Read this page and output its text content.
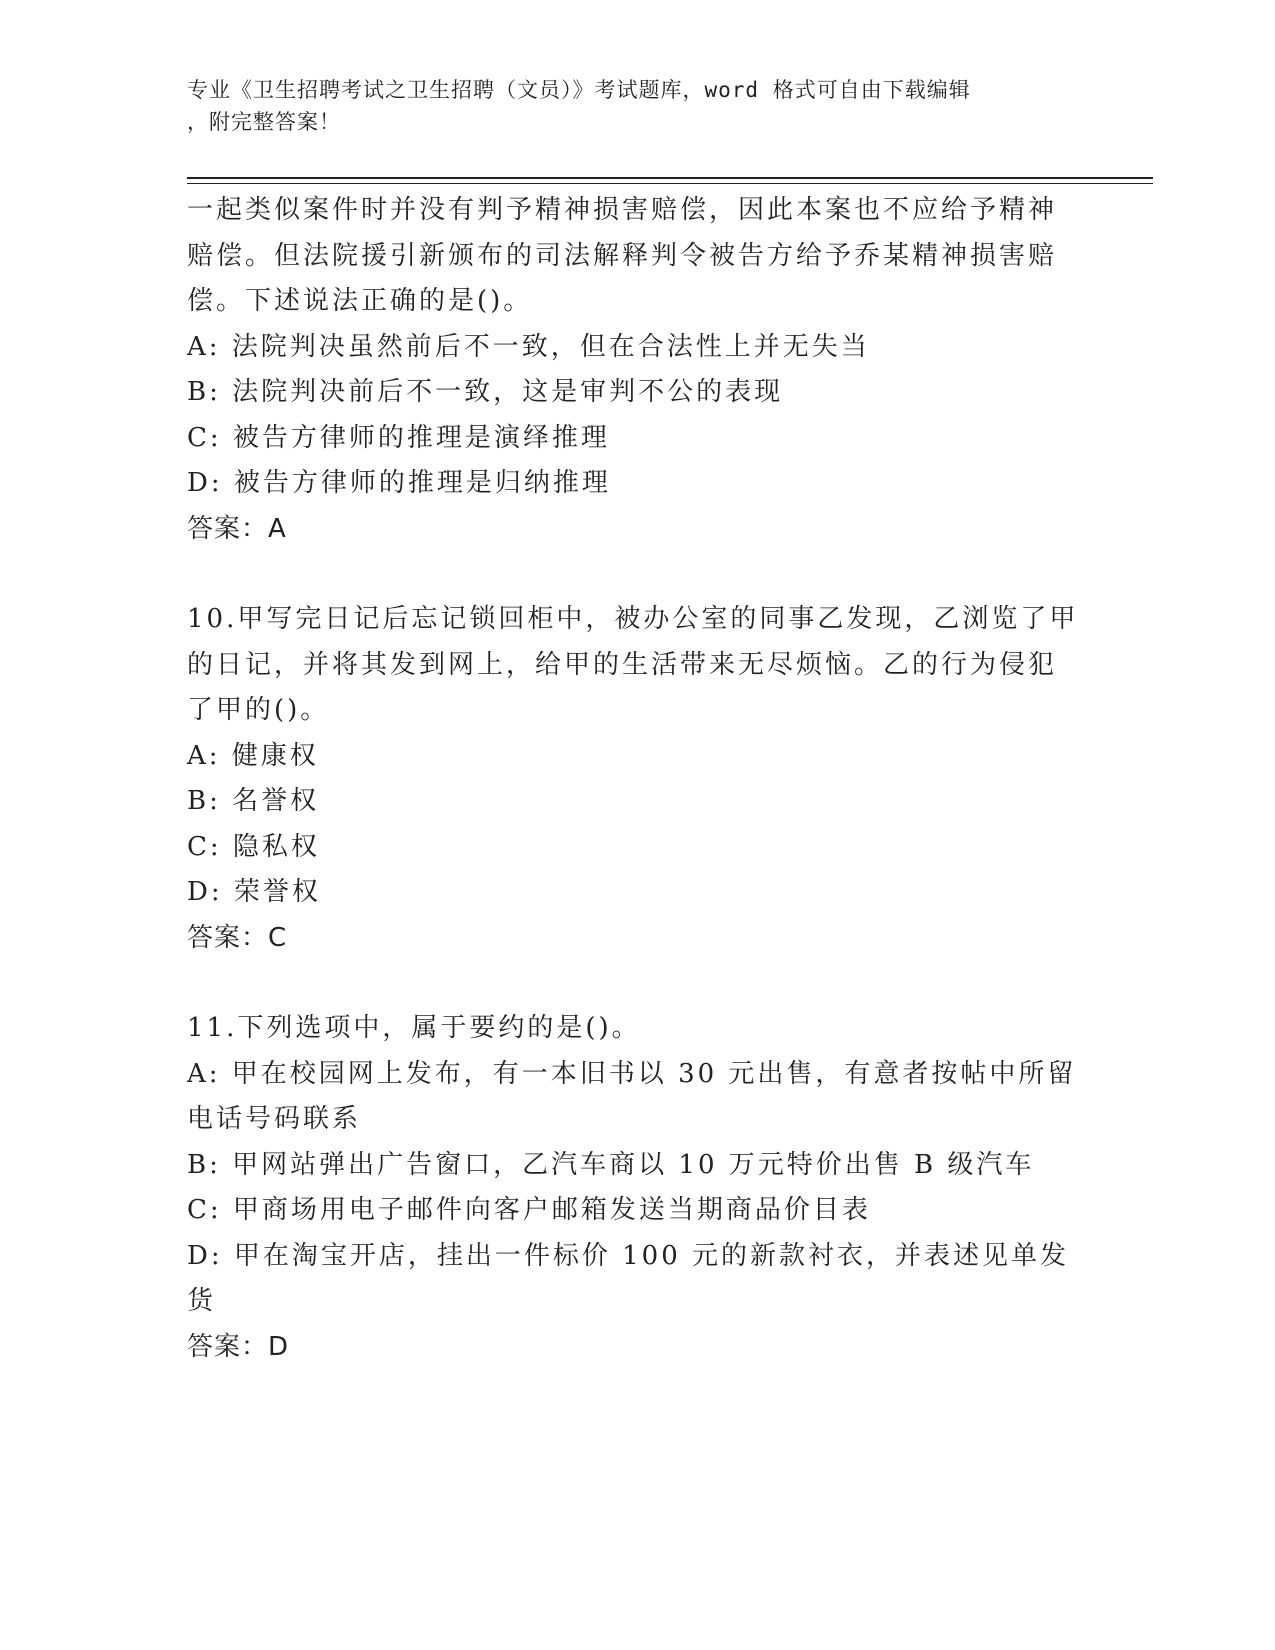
专业《卫生招聘考试之卫生招聘（文员）》考试题库，word 格式可自由下载编辑
，附完整答案！

一起类似案件时并没有判予精神损害赔偿，因此本案也不应给予精神

赔偿。但法院援引新颁布的司法解释判令被告方给予乔某精神损害赔

偿。下述说法正确的是()。

A: 法院判决虽然前后不一致，但在合法性上并无失当

B: 法院判决前后不一致，这是审判不公的表现

C: 被告方律师的推理是演绎推理

D: 被告方律师的推理是归纳推理

答案：A

10.甲写完日记后忘记锁回柜中，被办公室的同事乙发现，乙浏览了甲

的日记，并将其发到网上，给甲的生活带来无尽烦恼。乙的行为侵犯

了甲的()。

A: 健康权

B: 名誉权

C: 隐私权

D: 荣誉权

答案：C

11.下列选项中，属于要约的是()。

A: 甲在校园网上发布，有一本旧书以 30 元出售，有意者按帖中所留

电话号码联系

B: 甲网站弹出广告窗口，乙汽车商以 10 万元特价出售 B 级汽车

C: 甲商场用电子邮件向客户邮箱发送当期商品价目表

D: 甲在淘宝开店，挂出一件标价 100 元的新款衬衣，并表述见单发货

答案：D
